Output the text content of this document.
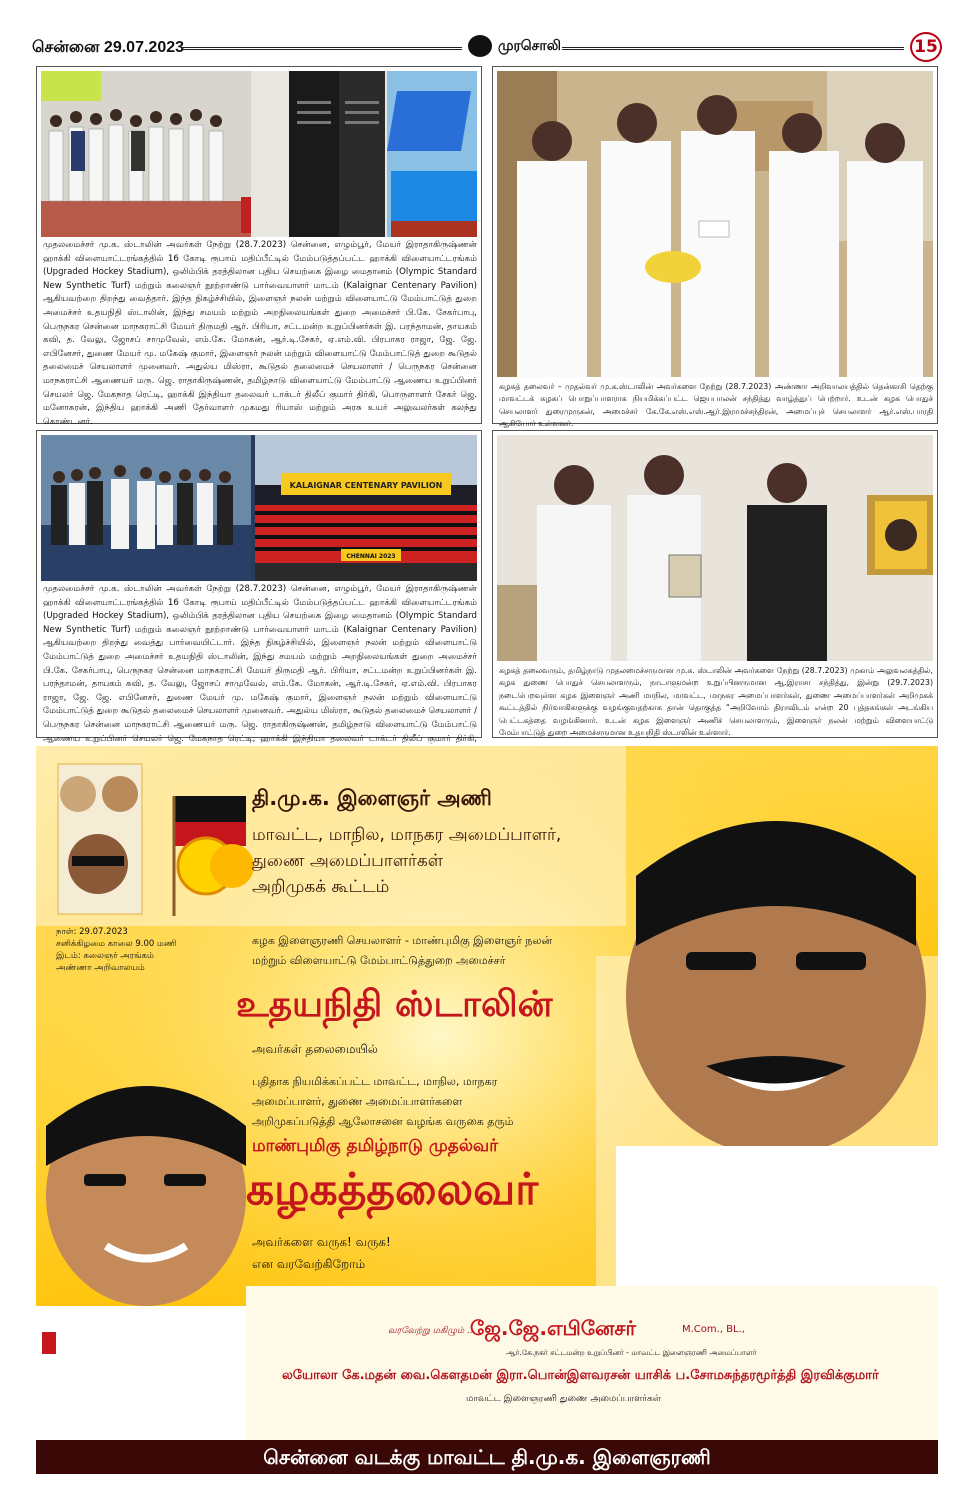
சென்னை 29.07.2023	முரசொலி	15

முதலமைச்சர் மு.க. ஸ்டாலின் அவர்கள் நேற்று (28.7.2023) சென்னை, எழும்பூர், மேயர் இராதாகிருஷ்ணன் ஹாக்கி விளையாட்டரங்கத்தில் 16 கோடி ரூபாய் மதிப்பீட்டில் மேம்படுத்தப்பட்ட ஹாக்கி விளையாட்டரங்கம் (Upgraded Hockey Stadium), ஒலிம்பிக் தரத்திலான புதிய செயற்கை இழை மைதானம் (Olympic Standard New Synthetic Turf) மற்றும் கலைஞர் நூற்றாண்டு பார்வையாளர் மாடம் (Kalaignar Centenary Pavilion) ஆகியவற்றை திறந்து வைத்தார். இந்த நிகழ்ச்சியில், இளைஞர் நலன் மற்றும் விளையாட்டு மேம்பாட்டுத் துறை அமைச்சர் உதயநிதி ஸ்டாலின், இந்து சமயம் மற்றும் அறநிலையங்கள் துறை அமைச்சர் பி.கே. சேகர்பாபு, பெருநகர சென்னை மாநகராட்சி மேயர் திருமதி ஆர். பிரியா, சட்டமன்ற உறுப்பினர்கள் இ. பரந்தாமன், தாயகம் கவி, த. வேலு, ஜோசப் சாமுவேல், எம்.கே. மோகன், ஆர்.டி.சேகர், ஏ.எம்.வி. பிரபாகர ராஜா, ஜே. ஜே. எபினேசர், துணை மேயர் மு. மகேஷ் குமார், இளைஞர் நலன் மற்றும் விளையாட்டு மேம்பாட்டுத் துறை கூடுதல் தலைமைச் செயலாளர் முனைவர். அதுல்ய மிஸ்ரா, கூடுதல் தலைமைச் செயலாளர் / பெருநகர சென்னை மாநகராட்சி ஆணையர் மரு. ஜெ. ராதாகிருஷ்ணன், தமிழ்நாடு விளையாட்டு மேம்பாட்டு ஆணைய உறுப்பினர் செயலர் ஜெ. மேகநாத ரெட்டி, ஹாக்கி இந்தியா தலைவர் டாக்டர் திலீப் குமார் திர்கி, பொருளாளர் சேகர் ஜெ. மனோகரன், இந்திய ஹாக்கி அணி தேர்வாளர் முகமது ரியாஸ் மற்றும் அரசு உயர் அலுவலர்கள் கலந்து கொண்டனர்.

கழகத் தலைவர் – முதல்வர் மு.க.ஸ்டாலின் அவர்களை நேற்று (28.7.2023) அண்ணா அறிவாலயத்தில் தென்காசி தெற்கு மாவட்டக் கழகப் பொறுப்பாளராக நியமிக்கப்பட்ட ஜெயபாலன் சந்தித்து வாழ்த்துப் பெற்றார். உடன் கழக பொதுச் செயலாளர் துரைமுருகன், அமைச்சர் கே.கே.எஸ்.எஸ்.ஆர்.இராமச்சந்திரன், அமைப்புச் செயலாளர் ஆர்.எஸ்.பாரதி ஆகியோர் உள்ளனர்.

KALAIGNAR CENTENARY PAVILION
CHENNAI 2023

முதலமைச்சர் மு.க. ஸ்டாலின் அவர்கள் நேற்று (28.7.2023) சென்னை, எழும்பூர், மேயர் இராதாகிருஷ்ணன் ஹாக்கி விளையாட்டரங்கத்தில் 16 கோடி ரூபாய் மதிப்பீட்டில் மேம்படுத்தப்பட்ட ஹாக்கி விளையாட்டரங்கம் (Upgraded Hockey Stadium), ஒலிம்பிக் தரத்திலான புதிய செயற்கை இழை மைதானம் (Olympic Standard New Synthetic Turf) மற்றும் கலைஞர் நூற்றாண்டு பார்வையாளர் மாடம் (Kalaignar Centenary Pavilion) ஆகியவற்றை திறந்து வைத்து பார்வையிட்டார். இந்த நிகழ்ச்சியில், இளைஞர் நலன் மற்றும் விளையாட்டு மேம்பாட்டுத் துறை அமைச்சர் உதயநிதி ஸ்டாலின், இந்து சமயம் மற்றும் அறநிலையங்கள் துறை அமைச்சர் பி.கே. சேகர்பாபு, பெருநகர சென்னை மாநகராட்சி மேயர் திருமதி ஆர். பிரியா, சட்டமன்ற உறுப்பினர்கள் இ. பரந்தாமன், தாயகம் கவி, த. வேலு, ஜோசப் சாமுவேல், எம்.கே. மோகன், ஆர்.டி.சேகர், ஏ.எம்.வி. பிரபாகர ராஜா, ஜே. ஜே. எபினேசர், துணை மேயர் மு. மகேஷ் குமார், இளைஞர் நலன் மற்றும் விளையாட்டு மேம்பாட்டுத் துறை கூடுதல் தலைமைச் செயலாளர் முனைவர். அதுல்ய மிஸ்ரா, கூடுதல் தலைமைச் செயலாளர் / பெருநகர சென்னை மாநகராட்சி ஆணையர் மரு. ஜெ. ராதாகிருஷ்ணன், தமிழ்நாடு விளையாட்டு மேம்பாட்டு ஆணைய உறுப்பினர் செயலர் ஜெ. மேகநாத ரெட்டி, ஹாக்கி இந்தியா தலைவர் டாக்டர் திலீப் குமார் திர்கி,

கழகத் தலைவரும், தமிழ்நாடு முதலமைச்சருமான மு.க. ஸ்டாலின் அவர்களை நேற்று (28.7.2023) முகாம் அலுவலகத்தில், கழக துணை பொதுச் செயலாளரும், நாடாளுமன்ற உறுப்பினருமான ஆ.இராசா சந்தித்து, இன்று (29.7.2023) நடைபெறவுள்ள கழக இளைஞர் அணி மாநில, மாவட்ட, மாநகர அமைப்பாளர்கள், துணை அமைப்பாளர்கள் அறிமுகக் கூட்டத்தில் நிர்வாகிகளுக்கு வழங்குவதற்காக தான் தொகுத்த “அறிவோம் திராவிடம் என்ற 20 புத்தகங்கள் அடங்கிய பெட்டகத்தை வழங்கினார். உடன் கழக இளைஞர் அணிச் செயலாளரும், இளைஞர் நலன் மற்றும் விளையாட்டு மேம்பாட்டுத் துறை அமைச்சருமான உதயநிதி ஸ்டாலின் உள்ளார்.

தி.மு.க. இளைஞர் அணி
மாவட்ட, மாநில, மாநகர அமைப்பாளர்,
துணை அமைப்பாளர்கள்
அறிமுகக் கூட்டம்
நாள்: 29.07.2023
சனிக்கிழமை காலை 9.00 மணி
இடம்: கலைஞர் அரங்கம்
அண்ணா அறிவாலயம்
கழக இளைஞரணி செயலாளர் - மாண்புமிகு இளைஞர் நலன்
மற்றும் விளையாட்டு மேம்பாட்டுத்துறை அமைச்சர்
உதயநிதி ஸ்டாலின்
அவர்கள் தலைமையில்
புதிதாக நியமிக்கப்பட்ட மாவட்ட, மாநில, மாநகர
அமைப்பாளர், துணை அமைப்பாளர்களை
அறிமுகப்படுத்தி ஆலோசனை வழங்க வருகை தரும்
மாண்புமிகு தமிழ்நாடு முதல்வர்
கழகத்தலைவர்
அவர்களை வருக! வருக!
என வரவேற்கிறோம்
வரவேற்று மகிழும் ...
ஜே.ஜே.எபினேசர்	M.Com., BL.,
ஆர்.கே.நகர் சட்டமன்ற உறுப்பினர் - மாவட்ட இளைஞரணி அமைப்பாளர்
லயோலா கே.மதன் வை.கௌதமன் இரா.பொன்இளவரசன் யாசிக் ப.சோமசுந்தரமூர்த்தி இரவிக்குமார்
மாவட்ட இளைஞரணி துணை அமைப்பாளர்கள்
சென்னை வடக்கு மாவட்ட தி.மு.க. இளைஞரணி
